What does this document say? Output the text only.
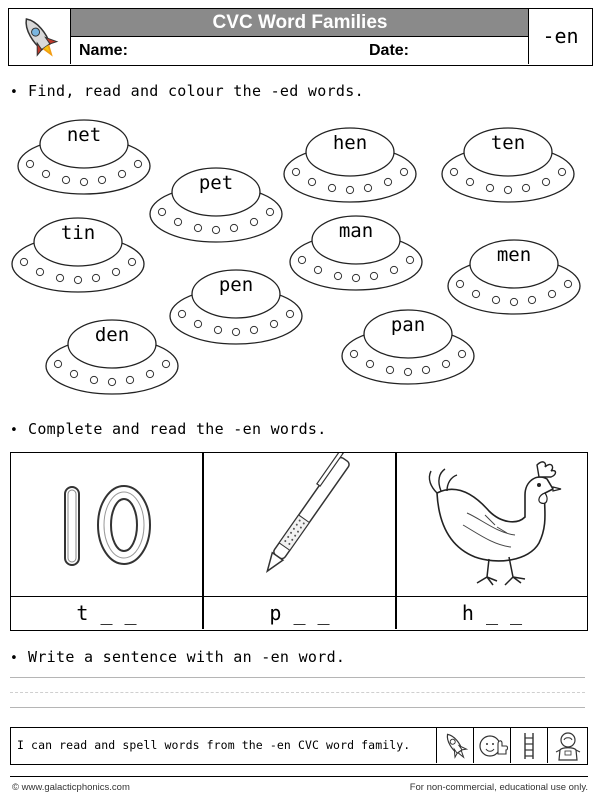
CVC Word Families
Name:	Date:
-en
• Find, read and colour the -ed words.
net	hen	ten
pet
tin	man
men
pen
den	pan
• Complete and read the -en words.
t _ _	p _ _	h _ _
• Write a sentence with an -en word.
I can read and spell words from the -en CVC word family.
© www.galacticphonics.com	For non-commercial, educational use only.
